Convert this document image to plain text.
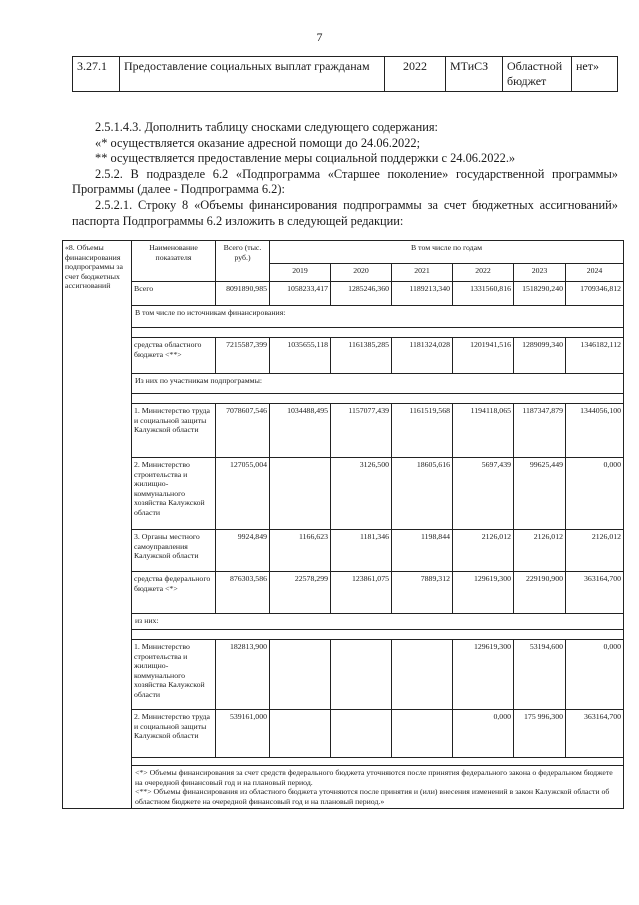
7
3.27.1	Предоставление социальных выплат гражданам	2022	МТиСЗ	Областной бюджет	нет»

2.5.1.4.3. Дополнить таблицу сносками следующего содержания:

«* осуществляется оказание адресной помощи до 24.06.2022;

** осуществляется предоставление меры социальной поддержки с 24.06.2022.»

2.5.2. В подразделе 6.2 «Подпрограмма «Старшее поколение» государственной программы» Программы (далее - Подпрограмма 6.2):

2.5.2.1. Строку 8 «Объемы финансирования подпрограммы за счет бюджетных ассигнований» паспорта Подпрограммы 6.2 изложить в следующей редакции:

«8. Объемы финансирования подпрограммы за счет бюджетных ассигнований	Наименование показателя	Всего (тыс. руб.)	В том числе по годам					
			2019	2020	2021	2022	2023	2024
	Всего	8091890,985	1058233,417	1285246,360	1189213,340	1331560,816	1518290,240	1709346,812
	В том числе по источникам финансирования:							

	средства областного бюджета <**>	7215587,399	1035655,118	1161385,285	1181324,028	1201941,516	1289099,340	1346182,112
	Из них по участникам подпрограммы:							

	1. Министерство труда и социальной защиты Калужской области	7078607,546	1034488,495	1157077,439	1161519,568	1194118,065	1187347,879	1344056,100
	2. Министерство строительства и жилищно-коммунального хозяйства Калужской области	127055,004		3126,500	18605,616	5697,439	99625,449	0,000
	3. Органы местного самоуправления Калужской области	9924,849	1166,623	1181,346	1198,844	2126,012	2126,012	2126,012
	средства федерального бюджета <*>	876303,586	22578,299	123861,075	7889,312	129619,300	229190,900	363164,700
	из них:							

	1. Министерство строительства и жилищно-коммунального хозяйства Калужской области	182813,900				129619,300	53194,600	0,000
	2. Министерство труда и социальной защиты Калужской области	539161,000				0,000	175 996,300	363164,700

	<*> Объемы финансирования за счет средств федерального бюджета уточняются после принятия федерального закона о федеральном бюджете на очередной финансовый год и на плановый период.

<**> Объемы финансирования из областного бюджета уточняются после принятия и (или) внесения изменений в закон Калужской области об областном бюджете на очередной финансовый год и на плановый период.»							
